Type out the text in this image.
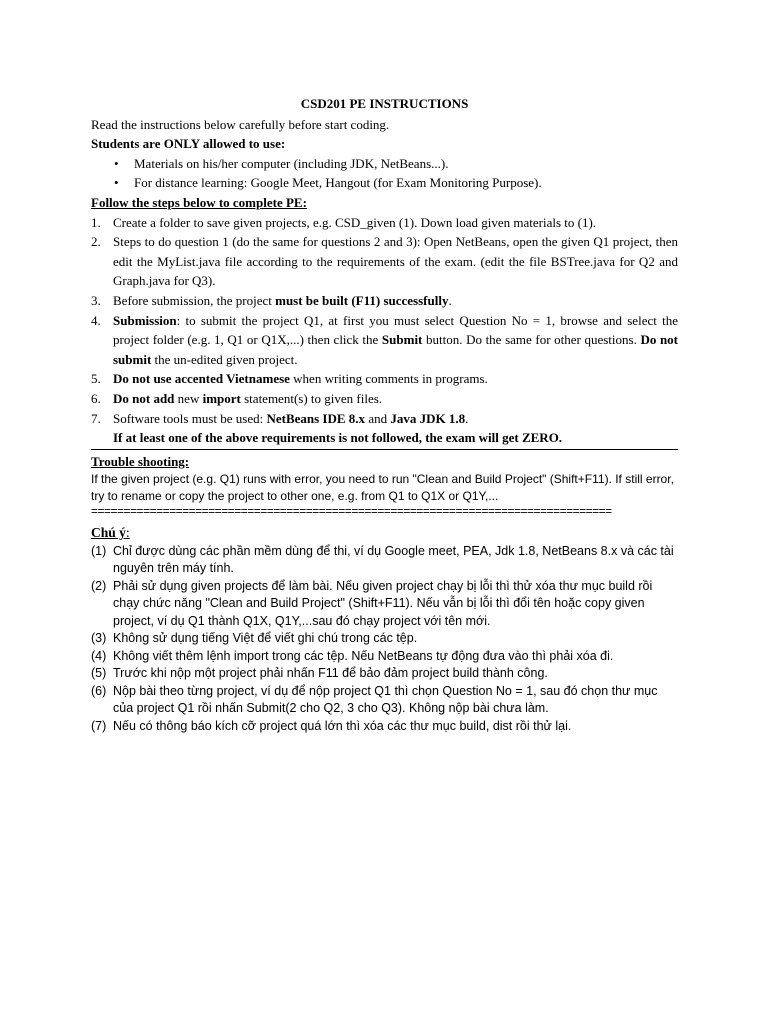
CSD201 PE INSTRUCTIONS

Read the instructions below carefully before start coding.

Students are ONLY allowed to use:

• Materials on his/her computer (including JDK, NetBeans...).
• For distance learning: Google Meet, Hangout (for Exam Monitoring Purpose).

Follow the steps below to complete PE:

1. Create a folder to save given projects, e.g. CSD_given (1). Down load given materials to (1).
2. Steps to do question 1 (do the same for questions 2 and 3): Open NetBeans, open the given Q1 project, then edit the MyList.java file according to the requirements of the exam. (edit the file BSTree.java for Q2 and Graph.java for Q3).
3. Before submission, the project must be built (F11) successfully.
4. Submission: to submit the project Q1, at first you must select Question No = 1, browse and select the project folder (e.g. 1, Q1 or Q1X,...) then click the Submit button. Do the same for other questions. Do not submit the un-edited given project.
5. Do not use accented Vietnamese when writing comments in programs.
6. Do not add new import statement(s) to given files.
7. Software tools must be used: NetBeans IDE 8.x and Java JDK 1.8.

If at least one of the above requirements is not followed, the exam will get ZERO.

Trouble shooting:

If the given project (e.g. Q1) runs with error, you need to run "Clean and Build Project" (Shift+F11). If still error, try to rename or copy the project to other one, e.g. from Q1 to Q1X or Q1Y,...

================================================================================

Chú ý:

(1) Chỉ được dùng các phần mềm dùng để thi, ví dụ Google meet, PEA, Jdk 1.8, NetBeans 8.x và các tài nguyên trên máy tính.
(2) Phải sử dụng given projects để làm bài. Nếu given project chạy bị lỗi thì thử xóa thư mục build rồi chạy chức năng "Clean and Build Project" (Shift+F11). Nếu vẫn bị lỗi thì đổi tên hoặc copy given project, ví dụ Q1 thành Q1X, Q1Y,...sau đó chạy project với tên mới.
(3) Không sử dụng tiếng Việt để viết ghi chú trong các tệp.
(4) Không viết thêm lệnh import trong các tệp. Nếu NetBeans tự động đưa vào thì phải xóa đi.
(5) Trước khi nộp một project phải nhấn F11 để bảo đảm project build thành công.
(6) Nộp bài theo từng project, ví dụ để nộp project Q1 thì chọn Question No = 1, sau đó chọn thư mục của project Q1 rồi nhấn Submit(2 cho Q2, 3 cho Q3). Không nộp bài chưa làm.
(7) Nếu có thông báo kích cỡ project quá lớn thì xóa các thư mục build, dist rồi thử lại.
